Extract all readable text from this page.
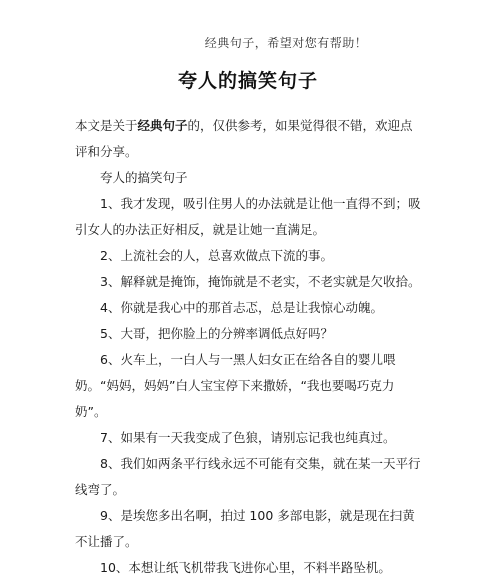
经典句子，希望对您有帮助！
夸人的搞笑句子

本文是关于经典句子的，仅供参考，如果觉得很不错，欢迎点评和分享。

夸人的搞笑句子

1、我才发现，吸引住男人的办法就是让他一直得不到；吸引女人的办法正好相反，就是让她一直满足。

2、上流社会的人，总喜欢做点下流的事。

3、解释就是掩饰，掩饰就是不老实，不老实就是欠收拾。

4、你就是我心中的那首忐忑，总是让我惊心动魄。

5、大哥，把你脸上的分辨率调低点好吗？

6、火车上，一白人与一黑人妇女正在给各自的婴儿喂奶。“妈妈，妈妈”白人宝宝停下来撒娇，“我也要喝巧克力奶”。

7、如果有一天我变成了色狼，请别忘记我也纯真过。

8、我们如两条平行线永远不可能有交集，就在某一天平行线弯了。

9、是埃您多出名啊，拍过 100 多部电影，就是现在扫黄不让播了。

10、本想让纸飞机带我飞进你心里，不料半路坠机。
